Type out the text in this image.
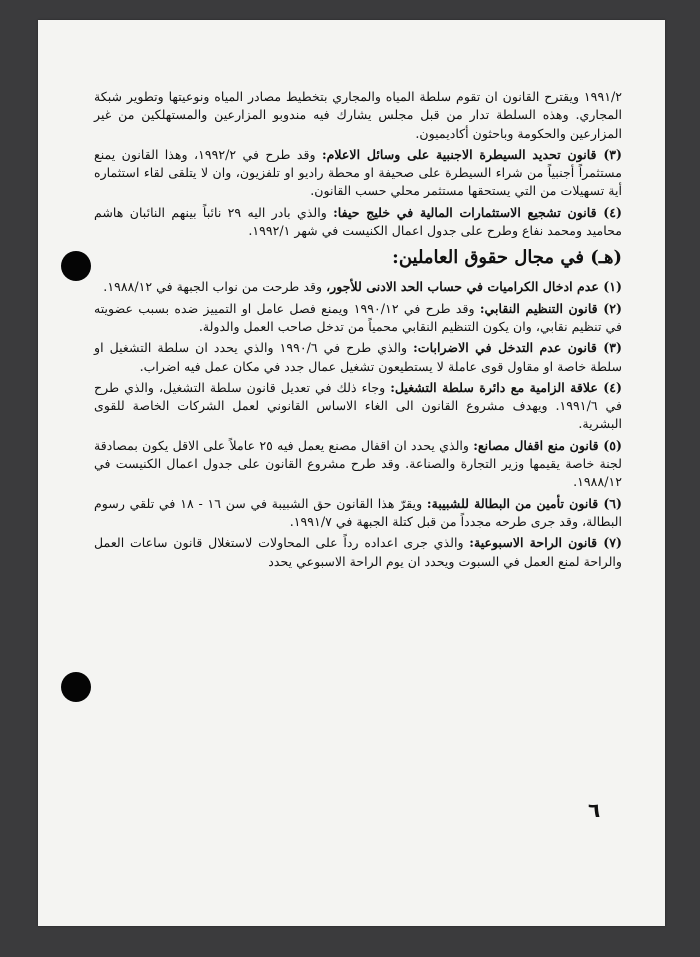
١٩٩١/٢ ويقترح القانون ان تقوم سلطة المياه والمجاري بتخطيط مصادر المياه ونوعيتها وتطوير شبكة المجاري. وهذه السلطة تدار من قبل مجلس يشارك فيه مندوبو المزارعين والمستهلكين من غير المزارعين والحكومة وباحثون أكاديميون.

(٣) قانون تحديد السيطرة الاجنبية على وسائل الاعلام: وقد طرح في ١٩٩٢/٢، وهذا القانون يمنع مستثمراً أجنبياً من شراء السيطرة على صحيفة او محطة راديو او تلفزيون، وان لا يتلقى لقاء استثماره أية تسهيلات من التي يستحقها مستثمر محلي حسب القانون.

(٤) قانون تشجيع الاستثمارات المالية في خليج حيفا: والذي بادر اليه ٢٩ نائباً بينهم النائبان هاشم محاميد ومحمد نفاع وطرح على جدول اعمال الكنيست في شهر ١٩٩٢/١.

(هـ) في مجال حقوق العاملين:

(١) عدم ادخال الكراميات في حساب الحد الادنى للأجور، وقد طرحت من نواب الجبهة في ١٩٨٨/١٢.

(٢) قانون التنظيم النقابي: وقد طرح في ١٩٩٠/١٢ ويمنع فصل عامل او التمييز ضده بسبب عضويته في تنظيم نقابي، وان يكون التنظيم النقابي محمياً من تدخل صاحب العمل والدولة.

(٣) قانون عدم التدخل في الاضرابات: والذي طرح في ١٩٩٠/٦ والذي يحدد ان سلطة التشغيل او سلطة خاصة او مقاول قوى عاملة لا يستطيعون تشغيل عمال جدد في مكان عمل فيه اضراب.

(٤) علاقة الزامية مع دائرة سلطة التشغيل: وجاء ذلك في تعديل قانون سلطة التشغيل، والذي طرح في ١٩٩١/٦. ويهدف مشروع القانون الى الغاء الاساس القانوني لعمل الشركات الخاصة للقوى البشرية.

(٥) قانون منع اقفال مصانع: والذي يحدد ان اقفال مصنع يعمل فيه ٢٥ عاملاً على الاقل يكون بمصادقة لجنة خاصة يقيمها وزير التجارة والصناعة. وقد طرح مشروع القانون على جدول اعمال الكنيست في ١٩٨٨/١٢.

(٦) قانون تأمين من البطالة للشبيبة: ويقرّ هذا القانون حق الشبيبة في سن ١٦ - ١٨ في تلقي رسوم البطالة، وقد جرى طرحه مجدداً من قبل كتلة الجبهة في ١٩٩١/٧.

(٧) قانون الراحة الاسبوعية: والذي جرى اعداده رداً على المحاولات لاستغلال قانون ساعات العمل والراحة لمنع العمل في السبوت ويحدد ان يوم الراحة الاسبوعي يحدد

٦
